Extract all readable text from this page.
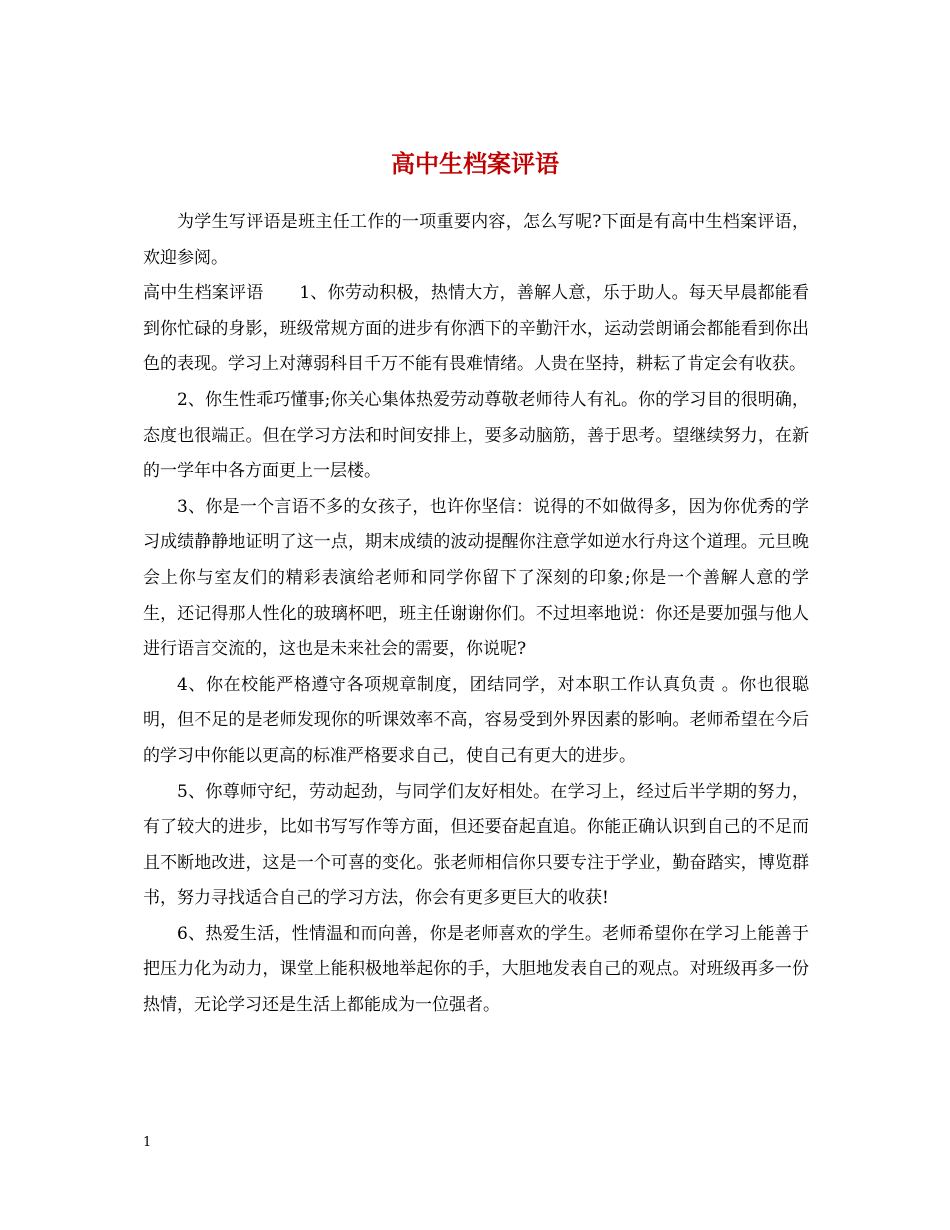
高中生档案评语

为学生写评语是班主任工作的一项重要内容，怎么写呢?下面是有高中生档案评语，欢迎参阅。

高中生档案评语 1、你劳动积极，热情大方，善解人意，乐于助人。每天早晨都能看到你忙碌的身影，班级常规方面的进步有你洒下的辛勤汗水，运动尝朗诵会都能看到你出色的表现。学习上对薄弱科目千万不能有畏难情绪。人贵在坚持，耕耘了肯定会有收获。

2、你生性乖巧懂事;你关心集体热爱劳动尊敬老师待人有礼。你的学习目的很明确，态度也很端正。但在学习方法和时间安排上，要多动脑筋，善于思考。望继续努力，在新的一学年中各方面更上一层楼。

3、你是一个言语不多的女孩子，也许你坚信：说得的不如做得多，因为你优秀的学习成绩静静地证明了这一点，期末成绩的波动提醒你注意学如逆水行舟这个道理。元旦晚会上你与室友们的精彩表演给老师和同学你留下了深刻的印象;你是一个善解人意的学生，还记得那人性化的玻璃杯吧，班主任谢谢你们。不过坦率地说：你还是要加强与他人进行语言交流的，这也是未来社会的需要，你说呢?

4、你在校能严格遵守各项规章制度，团结同学，对本职工作认真负责 。你也很聪明，但不足的是老师发现你的听课效率不高，容易受到外界因素的影响。老师希望在今后的学习中你能以更高的标准严格要求自己，使自己有更大的进步。

5、你尊师守纪，劳动起劲，与同学们友好相处。在学习上，经过后半学期的努力，有了较大的进步，比如书写写作等方面，但还要奋起直追。你能正确认识到自己的不足而且不断地改进，这是一个可喜的变化。张老师相信你只要专注于学业，勤奋踏实，博览群书，努力寻找适合自己的学习方法，你会有更多更巨大的收获!

6、热爱生活，性情温和而向善，你是老师喜欢的学生。老师希望你在学习上能善于把压力化为动力，课堂上能积极地举起你的手，大胆地发表自己的观点。对班级再多一份热情，无论学习还是生活上都能成为一位强者。

1
